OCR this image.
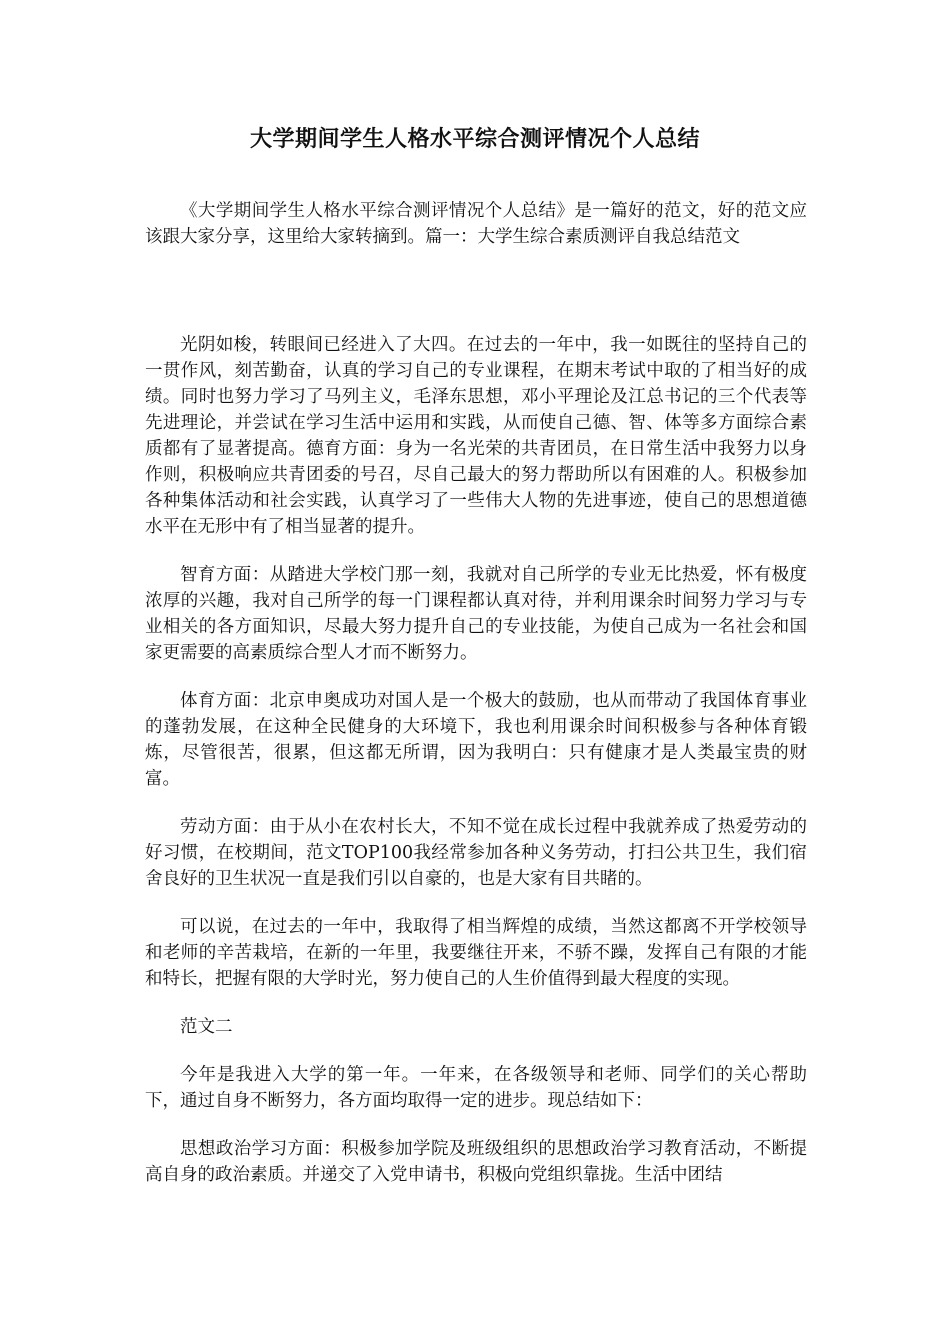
大学期间学生人格水平综合测评情况个人总结

《大学期间学生人格水平综合测评情况个人总结》是一篇好的范文，好的范文应该跟大家分享，这里给大家转摘到。篇一：大学生综合素质测评自我总结范文

光阴如梭，转眼间已经进入了大四。在过去的一年中，我一如既往的坚持自己的一贯作风，刻苦勤奋，认真的学习自己的专业课程，在期末考试中取的了相当好的成绩。同时也努力学习了马列主义，毛泽东思想，邓小平理论及江总书记的三个代表等先进理论，并尝试在学习生活中运用和实践，从而使自己德、智、体等多方面综合素质都有了显著提高。德育方面：身为一名光荣的共青团员，在日常生活中我努力以身作则，积极响应共青团委的号召，尽自己最大的努力帮助所以有困难的人。积极参加各种集体活动和社会实践，认真学习了一些伟大人物的先进事迹，使自己的思想道德水平在无形中有了相当显著的提升。

智育方面：从踏进大学校门那一刻，我就对自己所学的专业无比热爱，怀有极度浓厚的兴趣，我对自己所学的每一门课程都认真对待，并利用课余时间努力学习与专业相关的各方面知识，尽最大努力提升自己的专业技能，为使自己成为一名社会和国家更需要的高素质综合型人才而不断努力。

体育方面：北京申奥成功对国人是一个极大的鼓励，也从而带动了我国体育事业的蓬勃发展，在这种全民健身的大环境下，我也利用课余时间积极参与各种体育锻炼，尽管很苦，很累，但这都无所谓，因为我明白：只有健康才是人类最宝贵的财富。

劳动方面：由于从小在农村长大，不知不觉在成长过程中我就养成了热爱劳动的好习惯，在校期间，范文TOP100我经常参加各种义务劳动，打扫公共卫生，我们宿舍良好的卫生状况一直是我们引以自豪的，也是大家有目共睹的。

可以说，在过去的一年中，我取得了相当辉煌的成绩，当然这都离不开学校领导和老师的辛苦栽培，在新的一年里，我要继往开来，不骄不躁，发挥自己有限的才能和特长，把握有限的大学时光，努力使自己的人生价值得到最大程度的实现。

范文二

今年是我进入大学的第一年。一年来，在各级领导和老师、同学们的关心帮助下，通过自身不断努力，各方面均取得一定的进步。现总结如下：

思想政治学习方面：积极参加学院及班级组织的思想政治学习教育活动，不断提高自身的政治素质。并递交了入党申请书，积极向党组织靠拢。生活中团结
